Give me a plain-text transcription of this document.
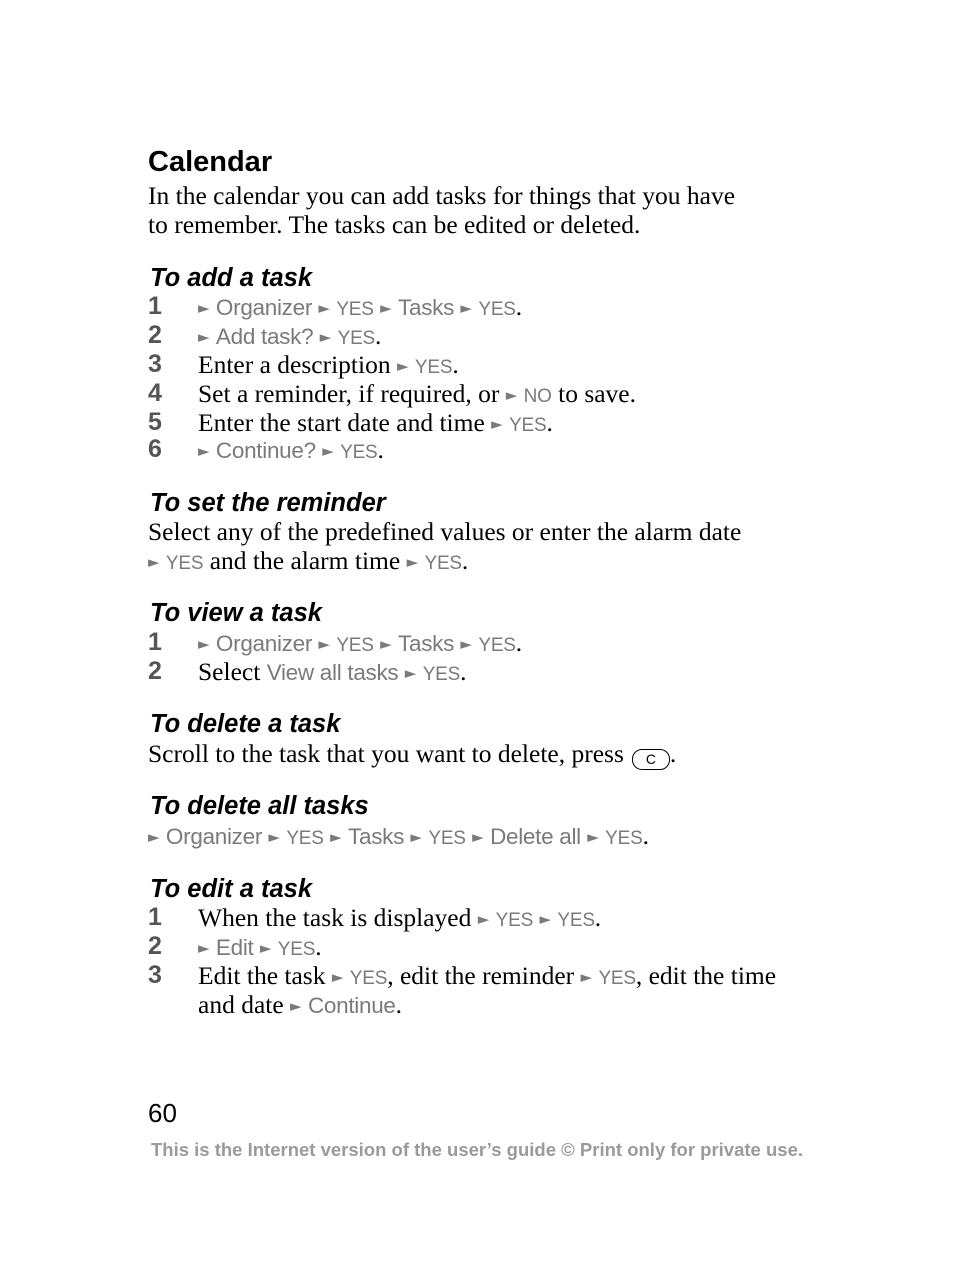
Calendar
In the calendar you can add tasks for things that you have
to remember. The tasks can be edited or deleted.
To add a task
1	► Organizer ► YES ► Tasks ► YES.
2	► Add task? ► YES.
3	Enter a description ► YES.
4	Set a reminder, if required, or ► NO to save.
5	Enter the start date and time ► YES.
6	► Continue? ► YES.
To set the reminder
Select any of the predefined values or enter the alarm date
► YES and the alarm time ► YES.
To view a task
1	► Organizer ► YES ► Tasks ► YES.
2	Select View all tasks ► YES.
To delete a task
Scroll to the task that you want to delete, press C .
To delete all tasks
► Organizer ► YES ► Tasks ► YES ► Delete all ► YES.
To edit a task
1	When the task is displayed ► YES ► YES.
2	► Edit ► YES.
3	Edit the task ► YES, edit the reminder ► YES, edit the time
and date ► Continue.
60
This is the Internet version of the user’s guide © Print only for private use.
